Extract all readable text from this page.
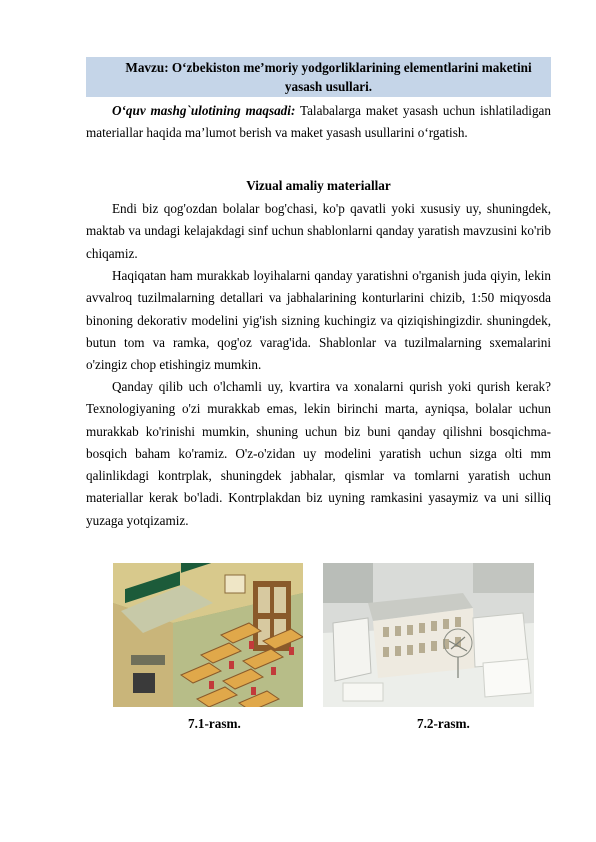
Mavzu: O‘zbekiston me’moriy yodgorliklarining elementlarini maketini yasash usullari.
O‘quv mashg`ulotining maqsadi: Talabalarga maket yasash uchun ishlatiladigan materiallar haqida ma’lumot berish va maket yasash usullarini o‘rgatish.
Vizual amaliy materiallar
Endi biz qog'ozdan bolalar bog'chasi, ko'p qavatli yoki xususiy uy, shuningdek, maktab va undagi kelajakdagi sinf uchun shablonlarni qanday yaratish mavzusini ko'rib chiqamiz.
Haqiqatan ham murakkab loyihalarni qanday yaratishni o'rganish juda qiyin, lekin avvalroq tuzilmalarning detallari va jabhalarining konturlarini chizib, 1:50 miqyosda binoning dekorativ modelini yig'ish sizning kuchingiz va qiziqishingizdir. shuningdek, butun tom va ramka, qog'oz varag'ida. Shablonlar va tuzilmalarning sxemalarini o'zingiz chop etishingiz mumkin.
Qanday qilib uch o'lchamli uy, kvartira va xonalarni qurish yoki qurish kerak? Texnologiyaning o'zi murakkab emas, lekin birinchi marta, ayniqsa, bolalar uchun murakkab ko'rinishi mumkin, shuning uchun biz buni qanday qilishni bosqichma-bosqich baham ko'ramiz. O'z-o'zidan uy modelini yaratish uchun sizga olti mm qalinlikdagi kontrplak, shuningdek jabhalar, qismlar va tomlarni yaratish uchun materiallar kerak bo'ladi. Kontrplakdan biz uyning ramkasini yasaymiz va uni silliq yuzaga yotqizamiz.
7.1-rasm.	7.2-rasm.
